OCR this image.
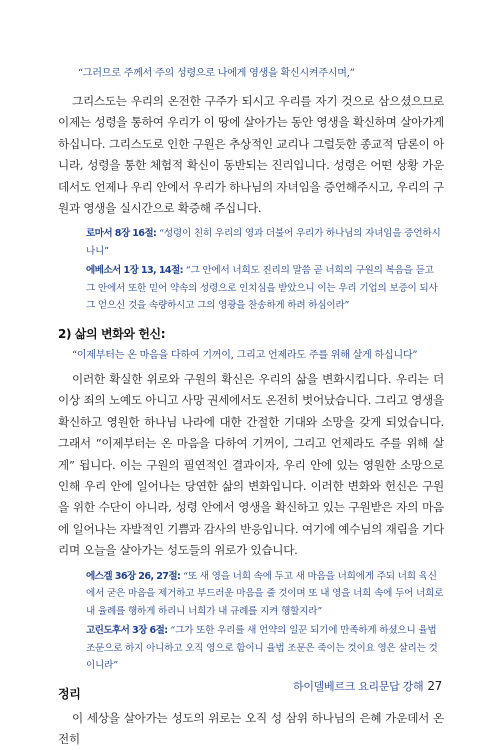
“그러므로 주께서 주의 성령으로 나에게 영생을 확신시켜주시며,”

그리스도는 우리의 온전한 구주가 되시고 우리를 자기 것으로 삼으셨으므로 이제는 성령을 통하여 우리가 이 땅에 살아가는 동안 영생을 확신하며 살아가게 하십니다. 그리스도로 인한 구원은 추상적인 교리나 그럴듯한 종교적 담론이 아니라, 성령을 통한 체험적 확신이 동반되는 진리입니다. 성령은 어떤 상황 가운데서도 언제나 우리 안에서 우리가 하나님의 자녀임을 증언해주시고, 우리의 구원과 영생을 실시간으로 확증해 주십니다.

로마서 8장 16절: “성령이 친히 우리의 영과 더불어 우리가 하나님의 자녀임을 증언하시나니”

에베소서 1장 13, 14절: “그 안에서 너희도 진리의 말씀 곧 너희의 구원의 복음을 듣고 그 안에서 또한 믿어 약속의 성령으로 인치심을 받았으니 이는 우리 기업의 보증이 되사 그 얻으신 것을 속량하시고 그의 영광을 찬송하게 하려 하심이라”

2) 삶의 변화와 헌신:

“이제부터는 온 마음을 다하여 기꺼이, 그리고 언제라도 주를 위해 살게 하십니다”

이러한 확실한 위로와 구원의 확신은 우리의 삶을 변화시킵니다. 우리는 더 이상 죄의 노예도 아니고 사망 권세에서도 온전히 벗어났습니다. 그리고 영생을 확신하고 영원한 하나님 나라에 대한 간절한 기대와 소망을 갖게 되었습니다. 그래서 “이제부터는 온 마음을 다하여 기꺼이, 그리고 언제라도 주를 위해 살게” 됩니다. 이는 구원의 필연적인 결과이자, 우리 안에 있는 영원한 소망으로 인해 우리 안에 일어나는 당연한 삶의 변화입니다. 이러한 변화와 헌신은 구원을 위한 수단이 아니라, 성령 안에서 영생을 확신하고 있는 구원받은 자의 마음에 일어나는 자발적인 기쁨과 감사의 반응입니다. 여기에 예수님의 재림을 기다리며 오늘을 살아가는 성도들의 위로가 있습니다.

에스겔 36장 26, 27절: “또 새 영을 너희 속에 두고 새 마음을 너희에게 주되 너희 육신에서 굳은 마음을 제거하고 부드러운 마음을 줄 것이며 또 내 영을 너희 속에 두어 너희로 내 율례를 행하게 하리니 너희가 내 규례를 지켜 행할지라”

고린도후서 3장 6절: “그가 또한 우리를 새 언약의 일꾼 되기에 만족하게 하셨으니 율법 조문으로 하지 아니하고 오직 영으로 함이니 율법 조문은 죽이는 것이요 영은 살리는 것이니라”

정리

이 세상을 살아가는 성도의 위로는 오직 성 삼위 하나님의 은혜 가운데서 온전히

하이델베르크 요리문답 강해 27
